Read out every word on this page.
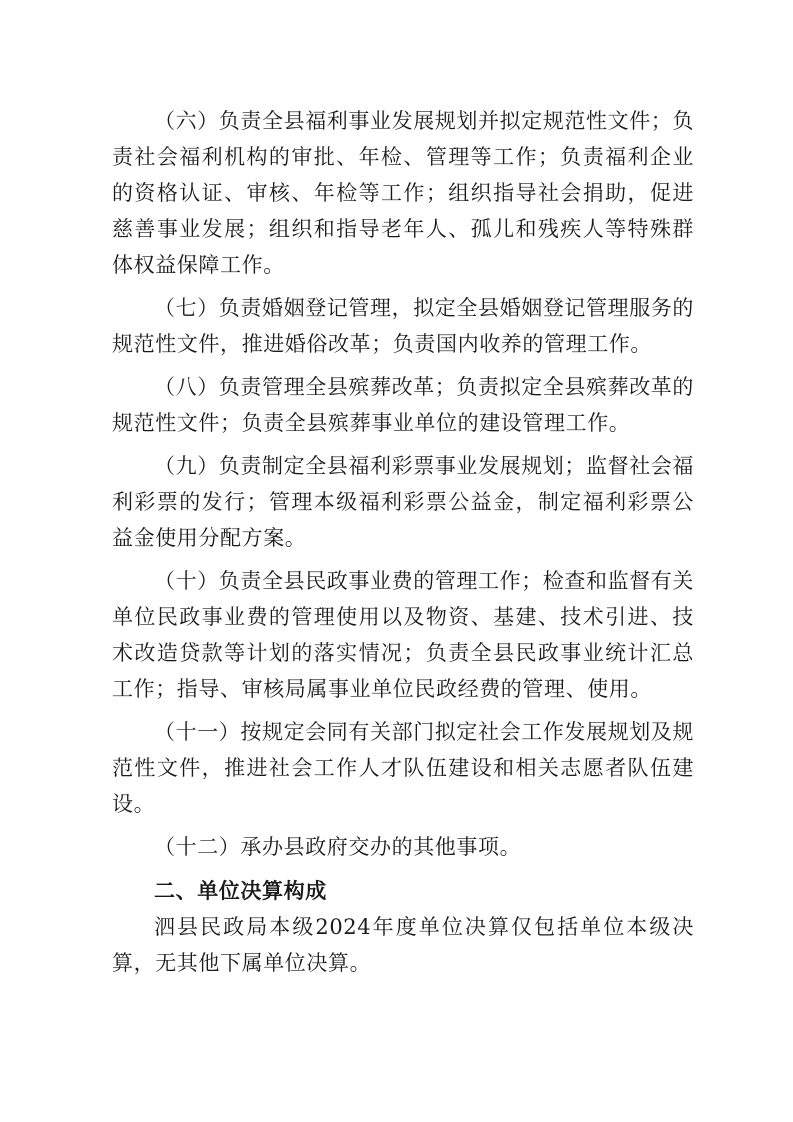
（六）负责全县福利事业发展规划并拟定规范性文件；负责社会福利机构的审批、年检、管理等工作；负责福利企业的资格认证、审核、年检等工作；组织指导社会捐助，促进慈善事业发展；组织和指导老年人、孤儿和残疾人等特殊群体权益保障工作。

（七）负责婚姻登记管理，拟定全县婚姻登记管理服务的规范性文件，推进婚俗改革；负责国内收养的管理工作。

（八）负责管理全县殡葬改革；负责拟定全县殡葬改革的规范性文件；负责全县殡葬事业单位的建设管理工作。

（九）负责制定全县福利彩票事业发展规划；监督社会福利彩票的发行；管理本级福利彩票公益金，制定福利彩票公益金使用分配方案。

（十）负责全县民政事业费的管理工作；检查和监督有关单位民政事业费的管理使用以及物资、基建、技术引进、技术改造贷款等计划的落实情况；负责全县民政事业统计汇总工作；指导、审核局属事业单位民政经费的管理、使用。

（十一）按规定会同有关部门拟定社会工作发展规划及规范性文件，推进社会工作人才队伍建设和相关志愿者队伍建设。

（十二）承办县政府交办的其他事项。

二、单位决算构成

泗县民政局本级2024年度单位决算仅包括单位本级决算，无其他下属单位决算。
